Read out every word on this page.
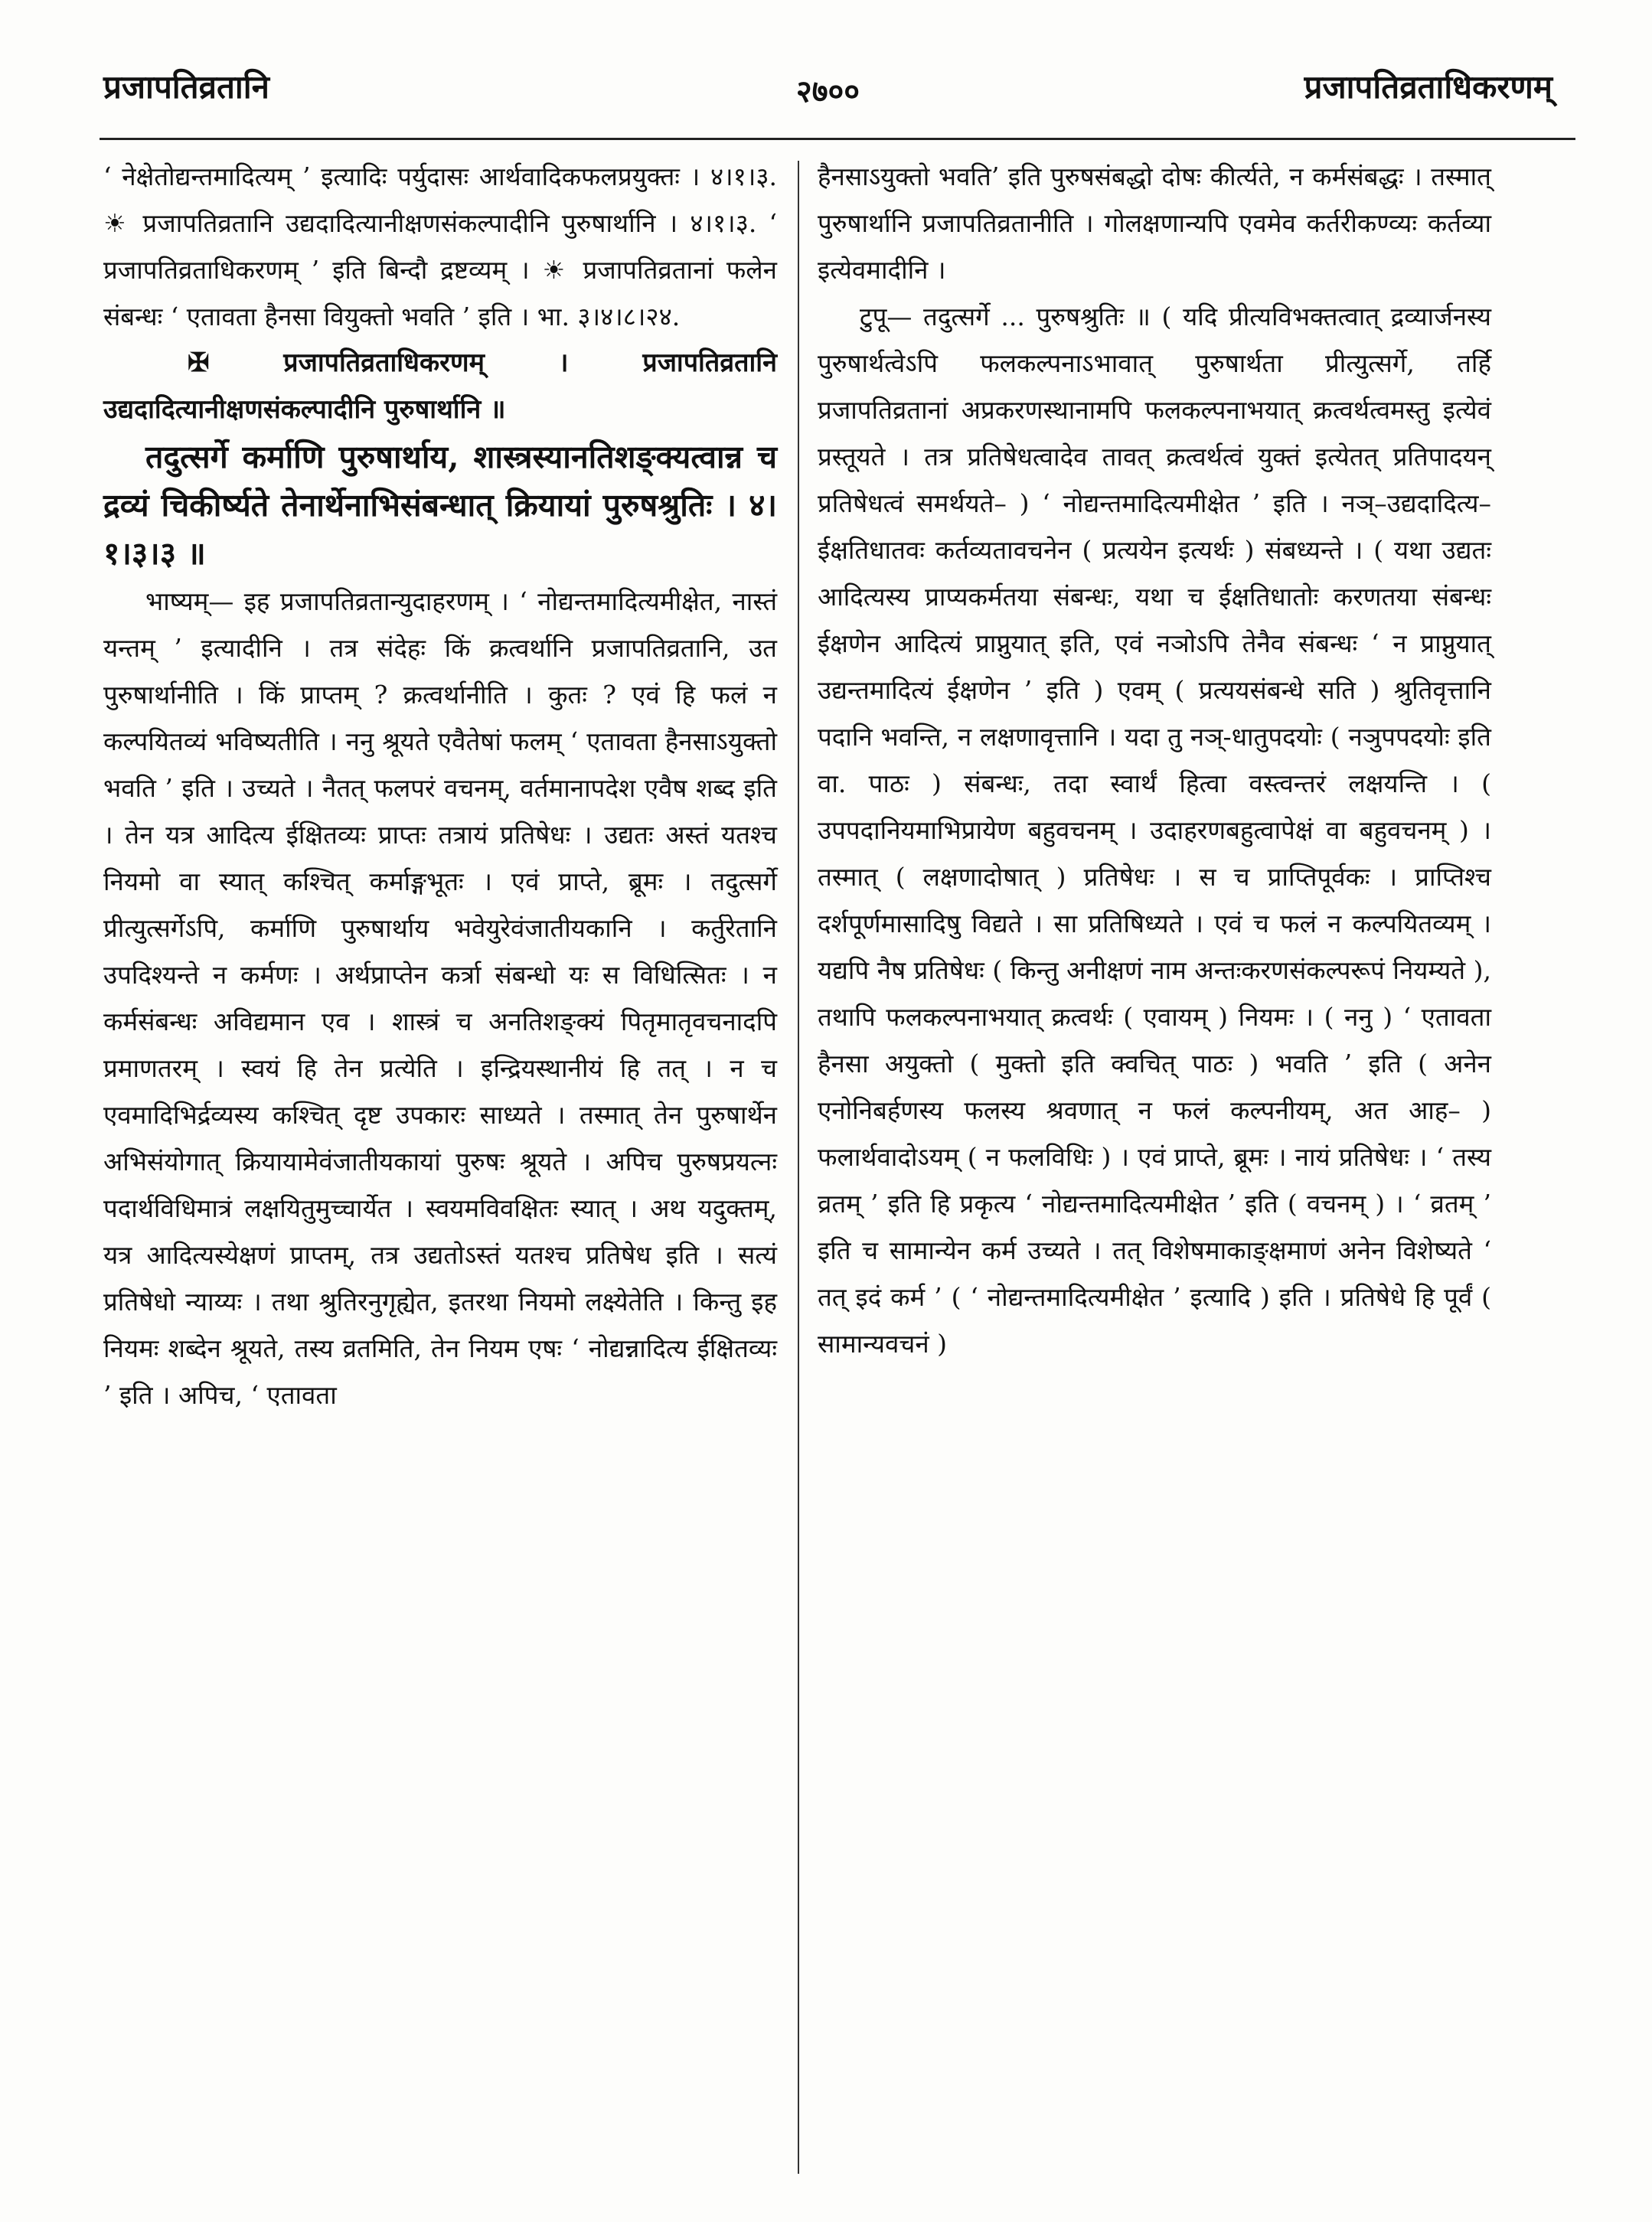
प्रजापतिव्रतानि	२७००	प्रजापतिव्रताधिकरणम्

‘ नेक्षेतोद्यन्तमादित्यम् ’ इत्यादिः पर्युदासः आर्थवादिकफलप्रयुक्तः । ४।१।३. ☀ प्रजापतिव्रतानि उद्यदादित्यानीक्षणसंकल्पादीनि पुरुषार्थानि । ४।१।३. ‘ प्रजापतिव्रताधिकरणम् ’ इति बिन्दौ द्रष्टव्यम् । ☀ प्रजापतिव्रतानां फलेन संबन्धः ‘ एतावता हैनसा वियुक्तो भवति ’ इति । भा. ३।४।८।२४.

✠	प्रजापतिव्रताधिकरणम् । प्रजापतिव्रतानि उद्यदादित्यानीक्षणसंकल्पादीनि पुरुषार्थानि ॥

तदुत्सर्गे कर्माणि पुरुषार्थाय, शास्त्रस्यानतिशङ्क्यत्वान्न च द्रव्यं चिकीर्ष्यते तेनार्थेनाभिसंबन्धात् क्रियायां पुरुषश्रुतिः । ४।१।३।३ ॥

भाष्यम्— इह प्रजापतिव्रतान्युदाहरणम् । ‘ नोद्यन्तमादित्यमीक्षेत, नास्तं यन्तम् ’ इत्यादीनि । तत्र संदेहः किं क्रत्वर्थानि प्रजापतिव्रतानि, उत पुरुषार्थानीति । किं प्राप्तम् ? क्रत्वर्थानीति । कुतः ? एवं हि फलं न कल्पयितव्यं भविष्यतीति । ननु श्रूयते एवैतेषां फलम् ‘ एतावता हैनसाऽयुक्तो भवति ’ इति । उच्यते । नैतत् फलपरं वचनम्, वर्तमानापदेश एवैष शब्द इति । तेन यत्र आदित्य ईक्षितव्यः प्राप्तः तत्रायं प्रतिषेधः । उद्यतः अस्तं यतश्च नियमो वा स्यात् कश्चित् कर्माङ्गभूतः । एवं प्राप्ते, ब्रूमः । तदुत्सर्गे प्रीत्युत्सर्गेऽपि, कर्माणि पुरुषार्थाय भवेयुरेवंजातीयकानि । कर्तुरेतानि उपदिश्यन्ते न कर्मणः । अर्थप्राप्तेन कर्त्रा संबन्धो यः स विधित्सितः । न कर्मसंबन्धः अविद्यमान एव । शास्त्रं च अनतिशङ्क्यं पितृमातृवचनादपि प्रमाणतरम् । स्वयं हि तेन प्रत्येति । इन्द्रियस्थानीयं हि तत् । न च एवमादिभिर्द्रव्यस्य कश्चित् दृष्ट उपकारः साध्यते । तस्मात् तेन पुरुषार्थेन अभिसंयोगात् क्रियायामेवंजातीयकायां पुरुषः श्रूयते । अपिच पुरुषप्रयत्नः पदार्थविधिमात्रं लक्षयितुमुच्चार्येत । स्वयमविवक्षितः स्यात् । अथ यदुक्तम्, यत्र आदित्यस्येक्षणं प्राप्तम्, तत्र उद्यतोऽस्तं यतश्च प्रतिषेध इति । सत्यं प्रतिषेधो न्याय्यः । तथा श्रुतिरनुगृह्येत, इतरथा नियमो लक्ष्येतेति । किन्तु इह नियमः शब्देन श्रूयते, तस्य व्रतमिति, तेन नियम एषः ‘ नोद्यन्नादित्य ईक्षितव्यः ’ इति । अपिच, ‘ एतावता

हैनसाऽयुक्तो भवति’ इति पुरुषसंबद्धो दोषः कीर्त्यते, न कर्मसंबद्धः । तस्मात् पुरुषार्थानि प्रजापतिव्रतानीति । गोलक्षणान्यपि एवमेव कर्तरीकण्व्यः कर्तव्या इत्येवमादीनि ।

टुपू— तदुत्सर्गे ... पुरुषश्रुतिः ॥ ( यदि प्रीत्यविभक्तत्वात् द्रव्यार्जनस्य पुरुषार्थत्वेऽपि फलकल्पनाऽभावात् पुरुषार्थता प्रीत्युत्सर्गे, तर्हि प्रजापतिव्रतानां अप्रकरणस्थानामपि फलकल्पनाभयात् क्रत्वर्थत्वमस्तु इत्येवं प्रस्तूयते । तत्र प्रतिषेधत्वादेव तावत् क्रत्वर्थत्वं युक्तं इत्येतत् प्रतिपादयन् प्रतिषेधत्वं समर्थयते– ) ‘ नोद्यन्तमादित्यमीक्षेत ’ इति । नञ्–उद्यदादित्य–ईक्षतिधातवः कर्तव्यतावचनेन ( प्रत्ययेन इत्यर्थः ) संबध्यन्ते । ( यथा उद्यतः आदित्यस्य प्राप्यकर्मतया संबन्धः, यथा च ईक्षतिधातोः करणतया संबन्धः ईक्षणेन आदित्यं प्राप्नुयात् इति, एवं नञोऽपि तेनैव संबन्धः ‘ न प्राप्नुयात् उद्यन्तमादित्यं ईक्षणेन ’ इति ) एवम् ( प्रत्ययसंबन्धे सति ) श्रुतिवृत्तानि पदानि भवन्ति, न लक्षणावृत्तानि । यदा तु नञ्-धातुपदयोः ( नञुपपदयोः इति वा. पाठः ) संबन्धः, तदा स्वार्थं हित्वा वस्त्वन्तरं लक्षयन्ति । ( उपपदानियमाभिप्रायेण बहुवचनम् । उदाहरणबहुत्वापेक्षं वा बहुवचनम् ) । तस्मात् ( लक्षणादोषात् ) प्रतिषेधः । स च प्राप्तिपूर्वकः । प्राप्तिश्च दर्शपूर्णमासादिषु विद्यते । सा प्रतिषिध्यते । एवं च फलं न कल्पयितव्यम् । यद्यपि नैष प्रतिषेधः ( किन्तु अनीक्षणं नाम अन्तःकरणसंकल्परूपं नियम्यते ), तथापि फलकल्पनाभयात् क्रत्वर्थः ( एवायम् ) नियमः । ( ननु ) ‘ एतावता हैनसा अयुक्तो ( मुक्तो इति क्वचित् पाठः ) भवति ’ इति ( अनेन एनोनिबर्हणस्य फलस्य श्रवणात् न फलं कल्पनीयम्, अत आह– ) फलार्थवादोऽयम् ( न फलविधिः ) । एवं प्राप्ते, ब्रूमः । नायं प्रतिषेधः । ‘ तस्य व्रतम् ’ इति हि प्रकृत्य ‘ नोद्यन्तमादित्यमीक्षेत ’ इति ( वचनम् ) । ‘ व्रतम् ’ इति च सामान्येन कर्म उच्यते । तत् विशेषमाकाङ्क्षमाणं अनेन विशेष्यते ‘ तत् इदं कर्म ’ ( ‘ नोद्यन्तमादित्यमीक्षेत ’ इत्यादि ) इति । प्रतिषेधे हि पूर्वं ( सामान्यवचनं )
